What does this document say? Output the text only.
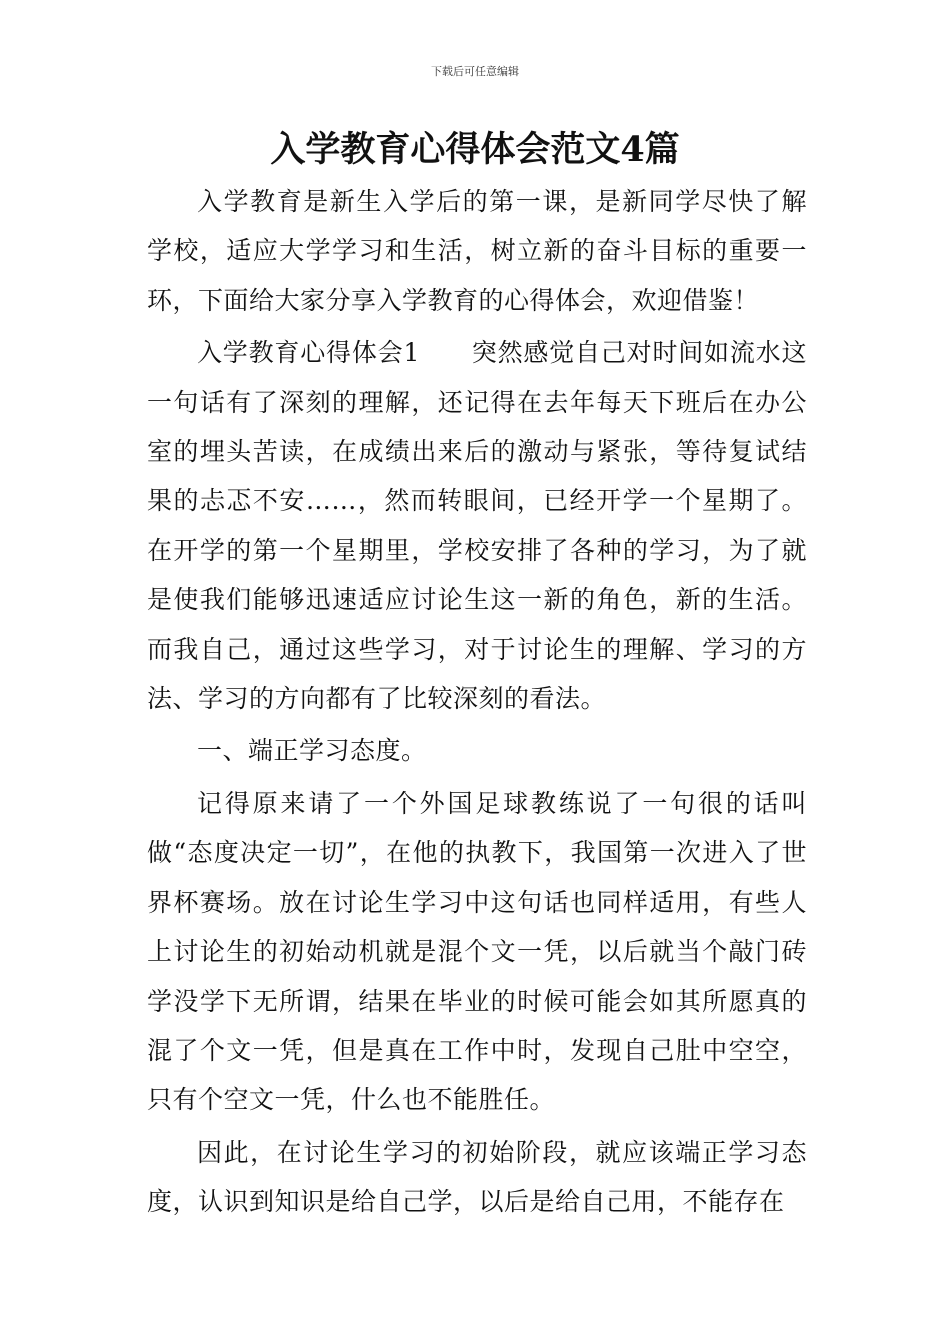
下载后可任意编辑
入学教育心得体会范文4篇

入学教育是新生入学后的第一课，是新同学尽快了解学校，适应大学学习和生活，树立新的奋斗目标的重要一环，下面给大家分享入学教育的心得体会，欢迎借鉴！

入学教育心得体会1　　突然感觉自己对时间如流水这一句话有了深刻的理解，还记得在去年每天下班后在办公室的埋头苦读，在成绩出来后的激动与紧张，等待复试结果的忐忑不安……，然而转眼间，已经开学一个星期了。在开学的第一个星期里，学校安排了各种的学习，为了就是使我们能够迅速适应讨论生这一新的角色，新的生活。而我自己，通过这些学习，对于讨论生的理解、学习的方法、学习的方向都有了比较深刻的看法。

一、端正学习态度。

记得原来请了一个外国足球教练说了一句很的话叫做“态度决定一切”，在他的执教下，我国第一次进入了世界杯赛场。放在讨论生学习中这句话也同样适用，有些人上讨论生的初始动机就是混个文一凭，以后就当个敲门砖学没学下无所谓，结果在毕业的时候可能会如其所愿真的混了个文一凭，但是真在工作中时，发现自己肚中空空，只有个空文一凭，什么也不能胜任。

因此，在讨论生学习的初始阶段，就应该端正学习态度，认识到知识是给自己学，以后是给自己用，不能存在
